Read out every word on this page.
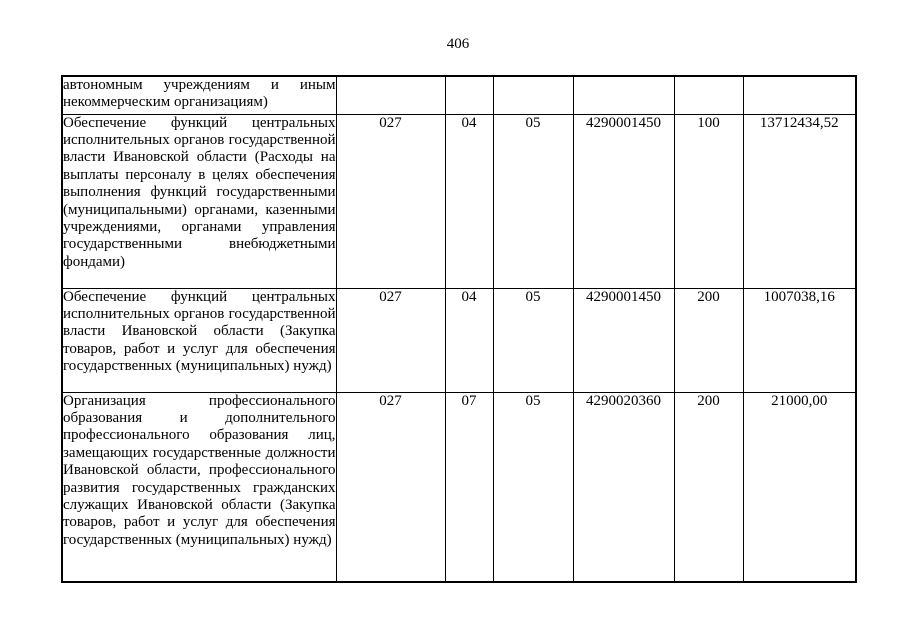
406
автономным учреждениям и иным некоммерческим организациям)						
Обеспечение функций центральных исполнительных органов государственной власти Ивановской области (Расходы на выплаты персоналу в целях обеспечения выполнения функций государственными (муниципальными) органами, казенными учреждениями, органами управления государственными внебюджетными фондами)	027	04	05	4290001450	100	13712434,52
Обеспечение функций центральных исполнительных органов государственной власти Ивановской области (Закупка товаров, работ и услуг для обеспечения государственных (муниципальных) нужд)	027	04	05	4290001450	200	1007038,16
Организация профессионального образования и дополнительного профессионального образования лиц, замещающих государственные должности Ивановской области, профессионального развития государственных гражданских служащих Ивановской области (Закупка товаров, работ и услуг для обеспечения государственных (муниципальных) нужд)	027	07	05	4290020360	200	21000,00
